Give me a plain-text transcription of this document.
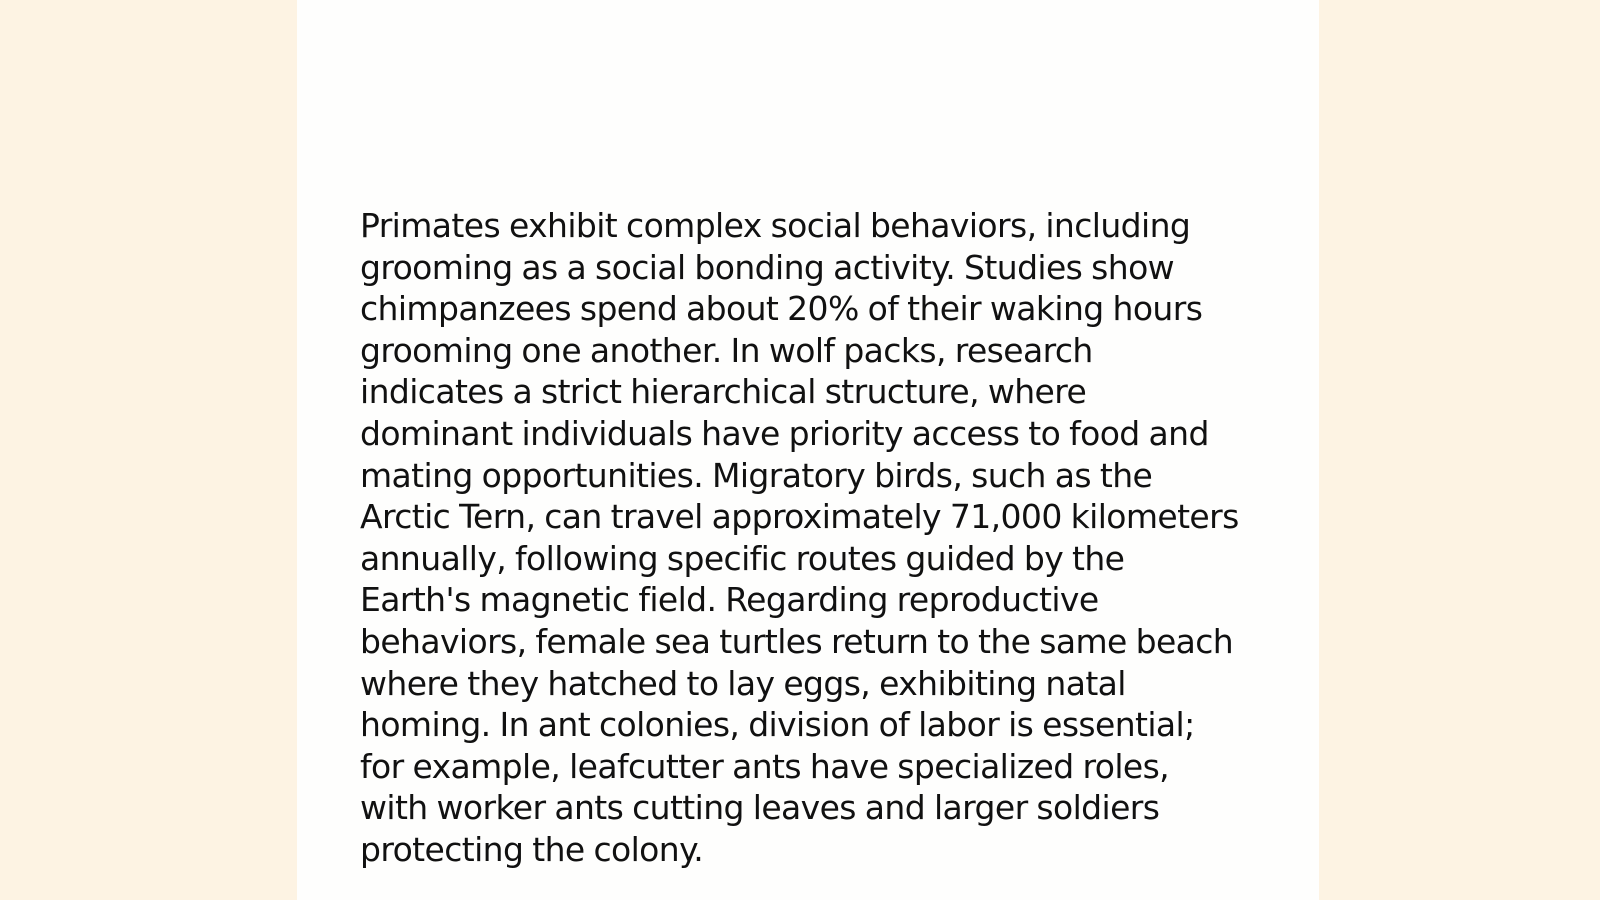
Primates exhibit complex social behaviors, including grooming as a social bonding activity. Studies show chimpanzees spend about 20% of their waking hours grooming one another. In wolf packs, research indicates a strict hierarchical structure, where dominant individuals have priority access to food and mating opportunities. Migratory birds, such as the Arctic Tern, can travel approximately 71,000 kilometers annually, following specific routes guided by the Earth's magnetic field. Regarding reproductive behaviors, female sea turtles return to the same beach where they hatched to lay eggs, exhibiting natal homing. In ant colonies, division of labor is essential; for example, leafcutter ants have specialized roles, with worker ants cutting leaves and larger soldiers protecting the colony.
